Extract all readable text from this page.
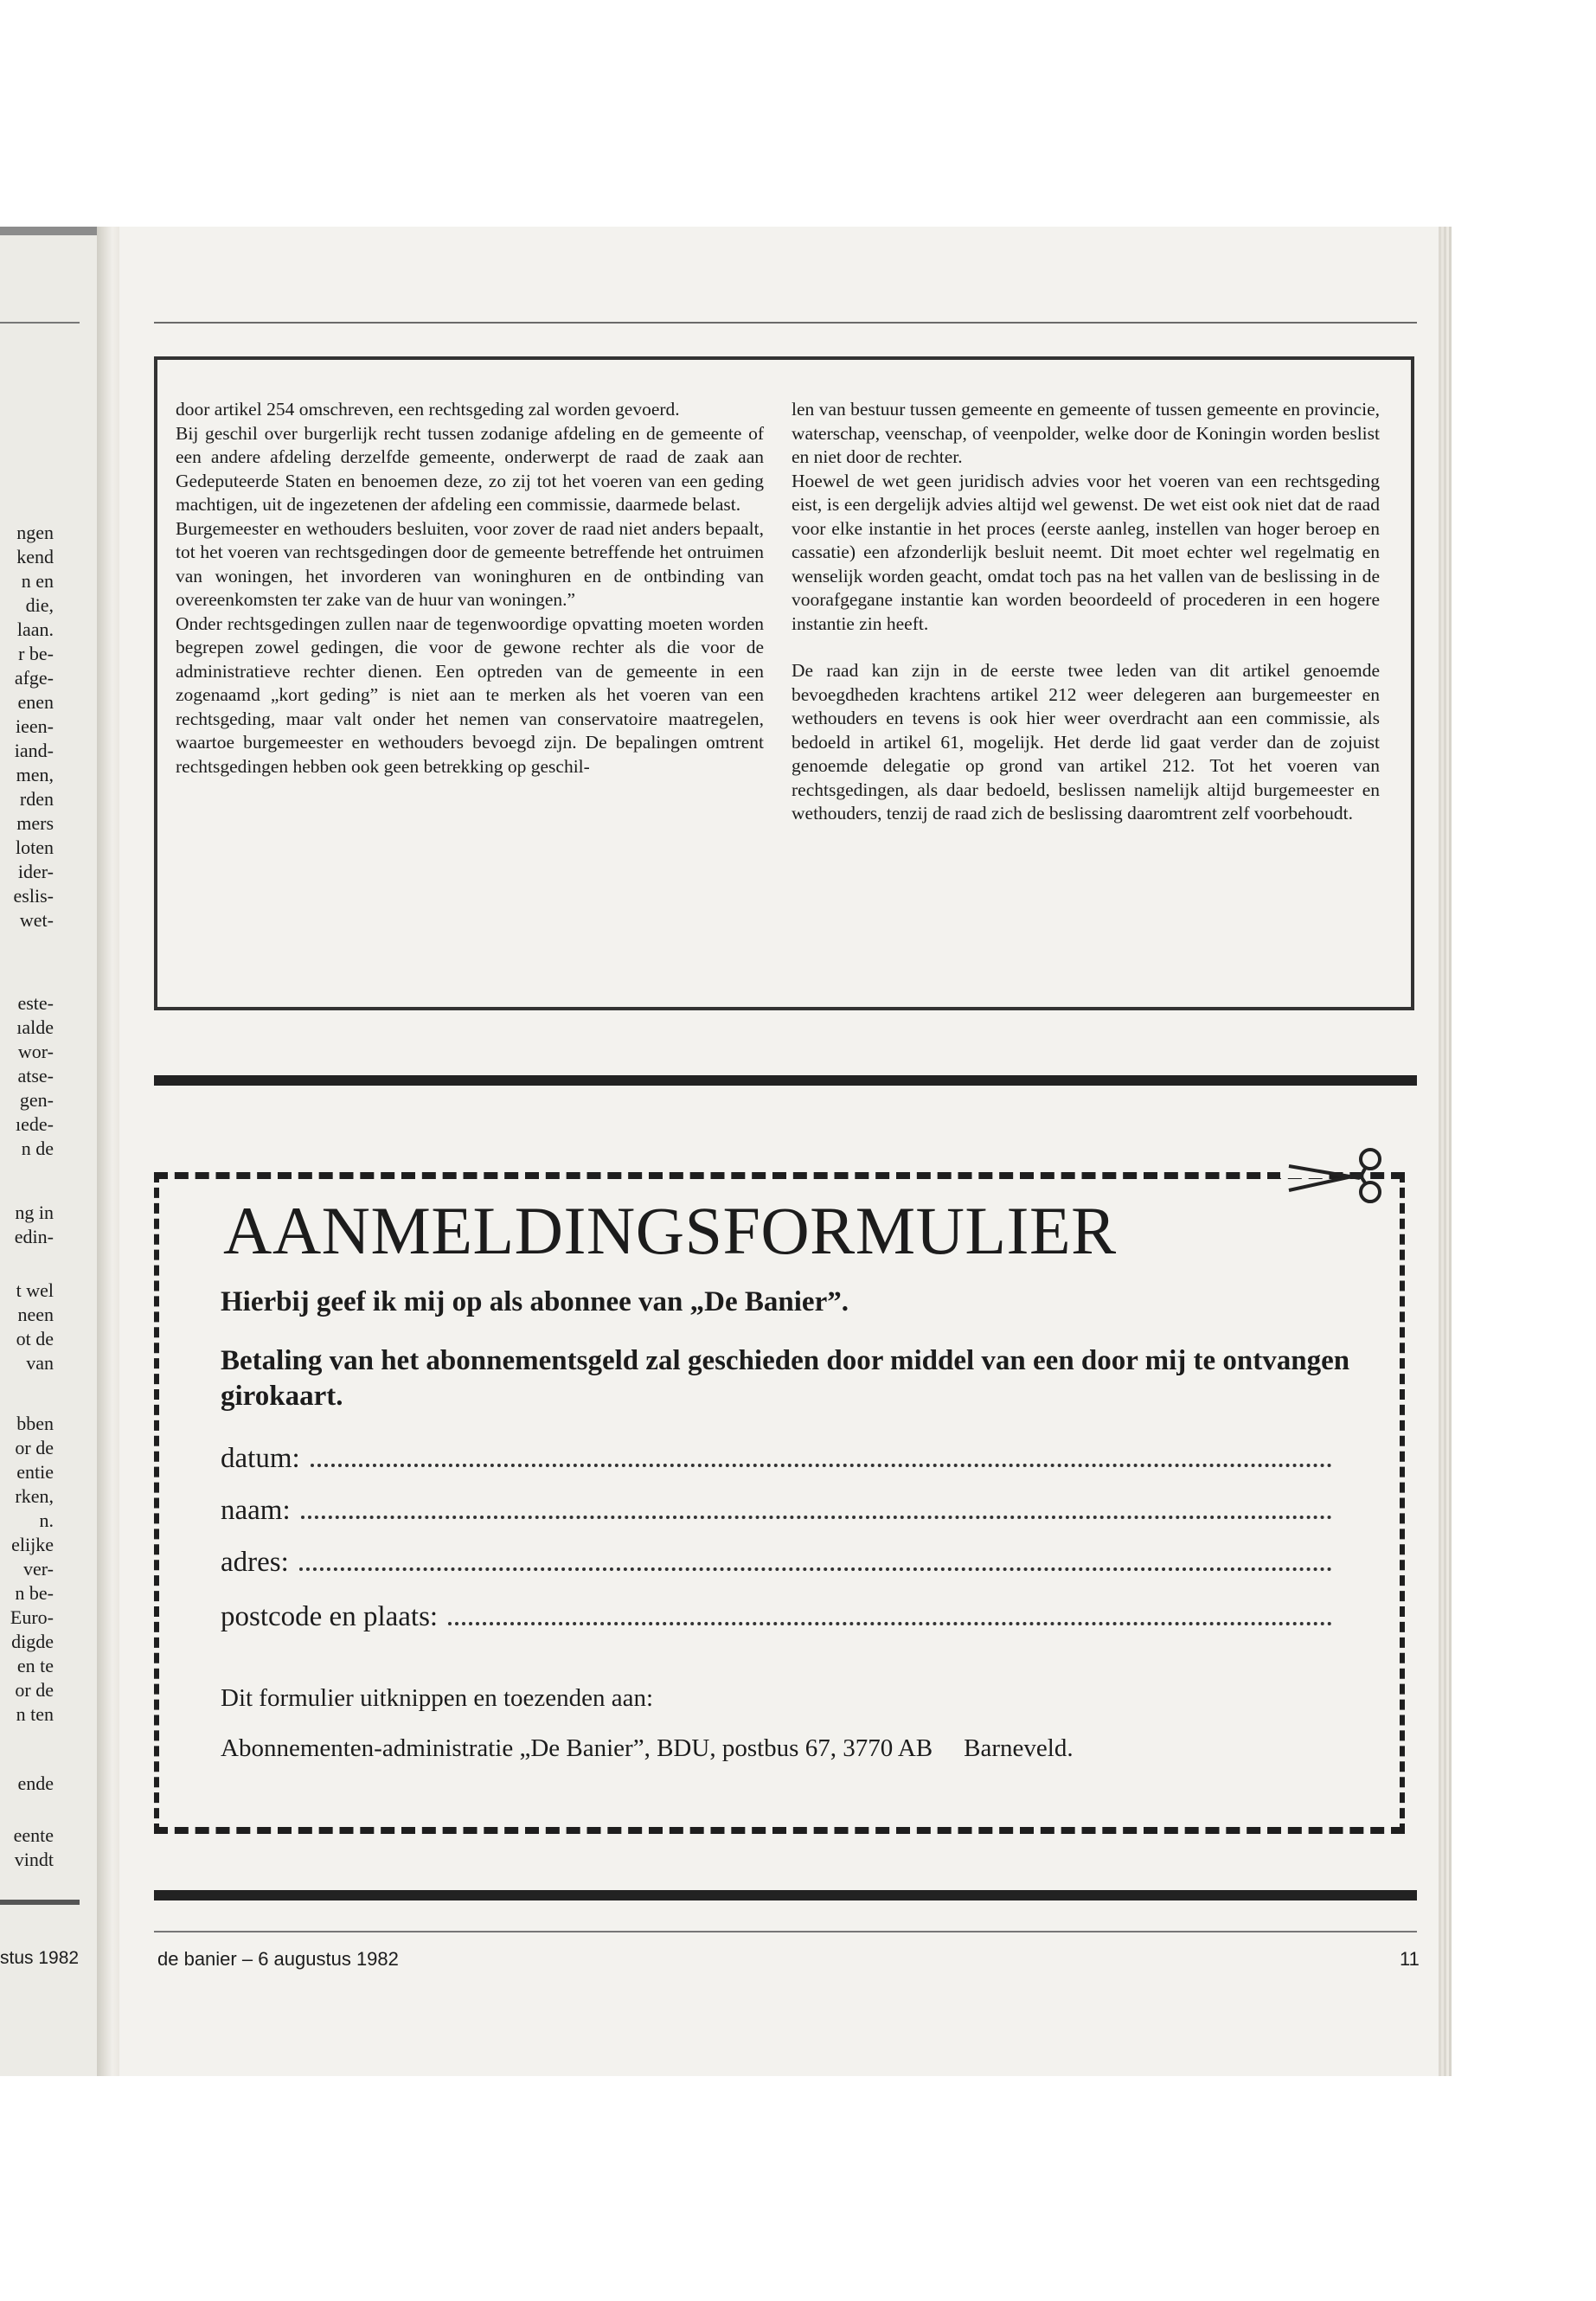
ngen
kend
n en
die,
laan.
r be-
afge-
enen
ieen-
iand-
men,
rden
mers
loten
ider-
eslis-
wet-
este-
ıalde
wor-
atse-
gen-
ıede-
n de
ng in
edin-
t wel
neen
ot de
van
bben
or de
entie
rken,
n.
elijke
ver-
n be-
Euro-
digde
en te
or de
n ten
ende
eente
vindt
stus 1982

door artikel 254 omschreven, een rechtsgeding zal worden gevoerd.

Bij geschil over burgerlijk recht tussen zodanige afdeling en de gemeente of een andere afdeling derzelfde gemeente, onderwerpt de raad de zaak aan Gedeputeerde Staten en benoemen deze, zo zij tot het voeren van een geding machtigen, uit de ingezetenen der afdeling een commissie, daarmede belast.

Burgemeester en wethouders besluiten, voor zover de raad niet anders bepaalt, tot het voeren van rechtsgedingen door de gemeente betreffende het ontruimen van woningen, het invorderen van woninghuren en de ontbinding van overeenkomsten ter zake van de huur van woningen.”

Onder rechtsgedingen zullen naar de tegenwoordige opvatting moeten worden begrepen zowel gedingen, die voor de gewone rechter als die voor de administratieve rechter dienen. Een optreden van de gemeente in een zogenaamd „kort geding” is niet aan te merken als het voeren van een rechtsgeding, maar valt onder het nemen van conservatoire maatregelen, waartoe burgemeester en wethouders bevoegd zijn. De bepalingen omtrent rechtsgedingen hebben ook geen betrekking op geschil-

len van bestuur tussen gemeente en gemeente of tussen gemeente en provincie, waterschap, veenschap, of veenpolder, welke door de Koningin worden beslist en niet door de rechter.

Hoewel de wet geen juridisch advies voor het voeren van een rechtsgeding eist, is een dergelijk advies altijd wel gewenst. De wet eist ook niet dat de raad voor elke instantie in het proces (eerste aanleg, instellen van hoger beroep en cassatie) een afzonderlijk besluit neemt. Dit moet echter wel regelmatig en wenselijk worden geacht, omdat toch pas na het vallen van de beslissing in de voorafgegane instantie kan worden beoordeeld of procederen in een hogere instantie zin heeft.

De raad kan zijn in de eerste twee leden van dit artikel genoemde bevoegdheden krachtens artikel 212 weer delegeren aan burgemeester en wethouders en tevens is ook hier weer overdracht aan een commissie, als bedoeld in artikel 61, mogelijk. Het derde lid gaat verder dan de zojuist genoemde delegatie op grond van artikel 212. Tot het voeren van rechtsgedingen, als daar bedoeld, beslissen namelijk altijd burgemeester en wethouders, tenzij de raad zich de beslissing daaromtrent zelf voorbehoudt.

AANMELDINGSFORMULIER

Hierbij geef ik mij op als abonnee van „De Banier”.

Betaling van het abonnementsgeld zal geschieden door middel van een door mij te ontvangen girokaart.

datum:
naam:
adres:
postcode en plaats:

Dit formulier uitknippen en toezenden aan:

Abonnementen-administratie „De Banier”, BDU, postbus 67, 3770 AB Barneveld.

de banier – 6 augustus 1982	11
